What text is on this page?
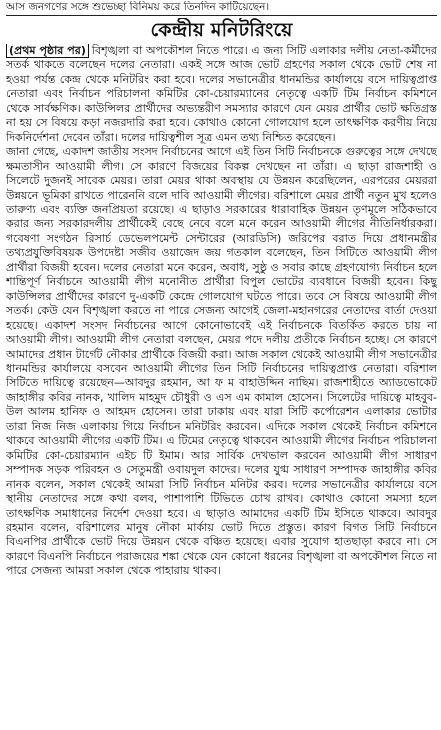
আস জনগণের সঙ্গে শুভেচ্ছা বিনিময় করে তিনদিন কাটিয়েছেন।
কেন্দ্রীয় মনিটরিংয়ে

(প্রথম পৃষ্ঠার পর) বিশৃঙ্খলা বা অপকৌশল নিতে পারে। এ জন্য সিটি এলাকার দলীয় নেতা-কর্মীদের সতর্ক থাকতে বলেছেন দলের নেতারা। একই সঙ্গে আজ ভোট গ্রহণের সকাল থেকে ভোট শেষ না হওয়া পর্যন্ত কেন্দ্র থেকে মনিটরিং করা হবে। দলের সভানেত্রীর ধানমন্ডির কার্যালয়ে বসে দায়িত্বপ্রাপ্ত নেতারা এবং নির্বাচন পরিচালনা কমিটির কো-চেয়ারম্যানের নেতৃত্বে একটি টিম নির্বাচন কমিশনে থেকে সার্বক্ষণিক। কাউন্সিলর প্রার্থীদের অভ্যন্তরীণ সমস্যার কারণে যেন মেয়র প্রার্থীর ভোট ক্ষতিগ্রস্ত না হয় সে বিষয়ে কড়া নজরদারি করা হবে। কোথাও কোনো গোলযোগ হলে তাৎক্ষণিক করণীয় নিয়ে দিকনির্দেশনা দেবেন তাঁরা। দলের দায়িত্বশীল সূত্র এমন তথ্য নিশ্চিত করেছেন।

জানা গেছে, একাদশ জাতীয় সংসদ নির্বাচনের আগে এই তিন সিটি নির্বাচনকে গুরুত্বের সঙ্গে দেখছে ক্ষমতাসীন আওয়ামী লীগ। সে কারণে বিজয়ের বিকল্প দেখছেন না তাঁরা। এ ছাড়া রাজশাহী ও সিলেটে দুজনই সাবেক মেয়র। তারা মেয়র থাকা অবস্থায় যে উন্নয়ন করেছিলেন, এরপরের মেয়ররা উন্নয়নে ভূমিকা রাখতে পারেননি বলে দাবি আওয়ামী লীগের। বরিশালে মেয়র প্রার্থী নতুন মুখ হলেও তারুণ্য এবং ব্যক্তি জনপ্রিয়তা রয়েছে। এ ছাড়াও সরকারের ধারাবাহিক উন্নয়ন তৃণমূলে সঠিকভাবে করার জন্য সরকারদলীয় প্রার্থীকেই বেছে নেবে বলে মনে করেন আওয়ামী লীগের নীতিনির্ধারকরা। গবেষণা সংগঠন রিসার্চ ডেভেলপমেন্ট সেন্টারের (আরডিসি) জরিপের বরাত দিয়ে প্রধানমন্ত্রীর তথ্যপ্রযুক্তিবিষয়ক উপদেষ্টা সজীব ওয়াজেদ জয় গতকাল বলেছেন, তিন সিটিতে আওয়ামী লীগ প্রার্থীরা বিজয়ী হবেন। দলের নেতারা মনে করেন, অবাধ, সুষ্ঠু ও সবার কাছে গ্রহণযোগ্য নির্বাচন হলে শান্তিপূর্ণ নির্বাচনে আওয়ামী লীগ মনোনীত প্রার্থীরা বিপুল ভোটের ব্যবধানে বিজয়ী হবেন। কিছু কাউন্সিলর প্রার্থীদের কারণে দু-একটি কেন্দ্রে গোলযোগ ঘটতে পারে। তবে সে বিষয়ে আওয়ামী লীগ সতর্ক। কেউ যেন বিশৃঙ্খলা করতে না পারে সেজন্য আগেই জেলা-মহানগরের নেতাদের বার্তা দেওয়া হয়েছে। একাদশ সংসদ নির্বাচনের আগে কোনোভাবেই এই নির্বাচনকে বিতর্কিত করতে চায় না আওয়ামী লীগ। আওয়ামী লীগ নেতারা বলছেন, মেয়র পদে দলীয় প্রতীকে নির্বাচন হচ্ছে। সে কারণে আমাদের প্রধান টার্গেট নৌকার প্রার্থীকে বিজয়ী করা। আজ সকাল থেকেই আওয়ামী লীগ সভানেত্রীর ধানমন্ডির কার্যালয়ে বসবেন আওয়ামী লীগের তিন সিটি নির্বাচনের দায়িত্বপ্রাপ্ত নেতারা। বরিশাল সিটিতে দায়িত্বে রয়েছেন—আবদুর রহমান, আ ফ ম বাহাউদ্দিন নাছিম। রাজশাহীতে অ্যাডভোকেট জাহাঙ্গীর কবির নানক, খালিদ মাহমুদ চৌধুরী ও এস এম কামাল হোসেন। সিলেটের দায়িত্বে মাহবুব-উল আলম হানিফ ও আহমদ হোসেন। তারা ঢাকায় এবং যারা সিটি কর্পোরেশন এলাকার ভোটার তারা নিজ নিজ এলাকায় গিয়ে নির্বাচন মনিটরিং করবেন। এদিকে সকাল থেকেই নির্বাচন কমিশনে থাকবে আওয়ামী লীগের একটি টিম। এ টিমের নেতৃত্বে থাকবেন আওয়ামী লীগের নির্বাচন পরিচালনা কমিটির কো-চেয়ারম্যান এইচ টি ইমাম। আর সার্বিক দেখভাল করবেন আওয়ামী লীগ সাধারণ সম্পাদক সড়ক পরিবহন ও সেতুমন্ত্রী ওবায়দুল কাদের। দলের যুগ্ম সাধারণ সম্পাদক জাহাঙ্গীর কবির নানক বলেন, সকাল থেকেই আমরা সিটি নির্বাচন মনিটর করব। দলের সভানেত্রীর কার্যালয়ে বসে স্থানীয় নেতাদের সঙ্গে কথা বলব, পাশাপাশি টিভিতে চোখ রাখব। কোথাও কোনো সমস্যা হলে তাৎক্ষণিক সমাধানের নির্দেশ দেওয়া হবে। এ ছাড়াও আমাদের একটি টিম ইসিতে থাকবে। আবদুর রহমান বলেন, বরিশালের মানুষ নৌকা মার্কায় ভোট দিতে প্রস্তুত। কারণ বিগত সিটি নির্বাচনে বিএনপির প্রার্থীকে ভোট দিয়ে উন্নয়ন থেকে বঞ্চিত হয়েছে। এবার সুযোগ হাতছাড়া করবে না। সে কারণে বিএনপি নির্বাচনে পরাজয়ের শঙ্কা থেকে যেন কোনো ধরনের বিশৃঙ্খলা বা অপকৌশল নিতে না পারে সেজন্য আমরা সকাল থেকে পাহারায় থাকব।
